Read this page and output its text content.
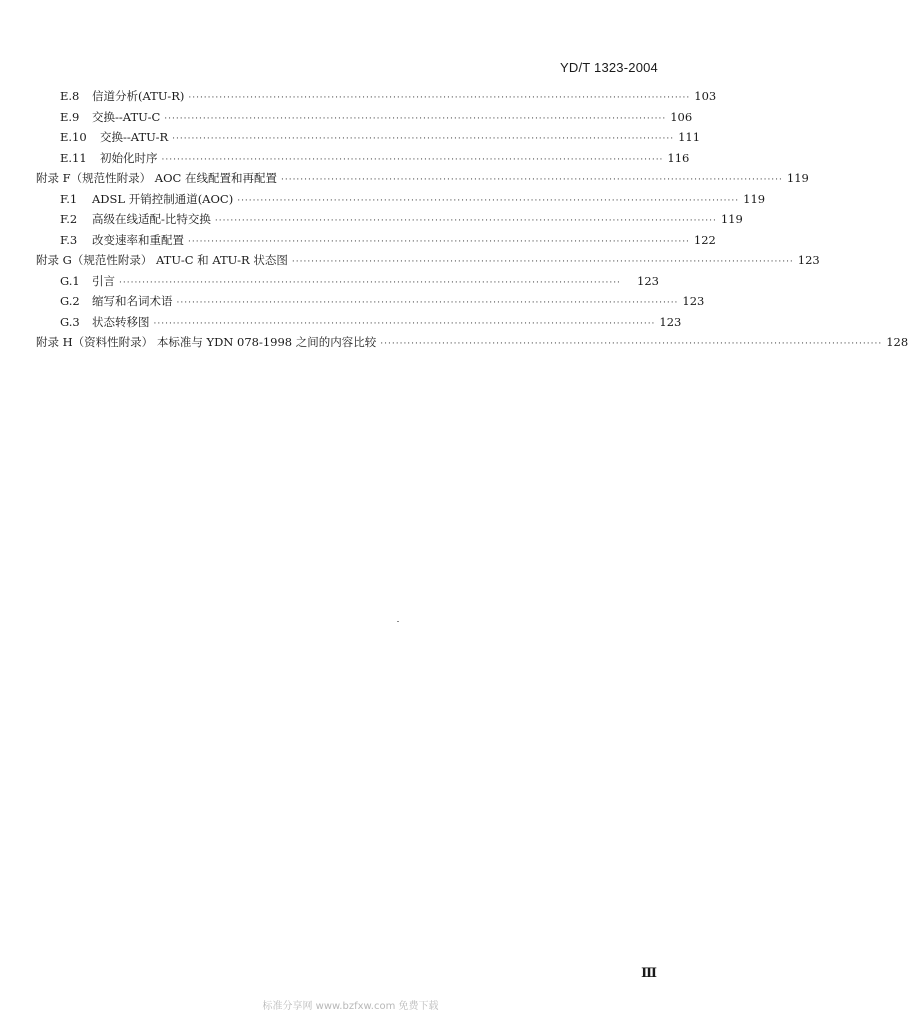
YD/T 1323-2004
E.8	信道分析(ATU-R) ·································································································································· 103
E.9	交换--ATU-C ·································································································································· 106
E.10	交换--ATU-R ·································································································································· 111
E.11	初始化时序 ·································································································································· 116
附录 F（规范性附录） AOC 在线配置和再配置 ·································································································································· 119
F.1	ADSL 开销控制通道(AOC) ·································································································································· 119
F.2	高级在线适配-比特交换 ·································································································································· 119
F.3	改变速率和重配置 ·································································································································· 122
附录 G（规范性附录） ATU-C 和 ATU-R 状态图 ·································································································································· 123
G.1	引言 ··································································································································	123
G.2	缩写和名词术语 ·································································································································· 123
G.3	状态转移图 ·································································································································· 123
附录 H（资料性附录） 本标准与 YDN 078-1998 之间的内容比较 ·································································································································· 128
Ⅲ
标准分享网 www.bzfxw.com 免费下载
